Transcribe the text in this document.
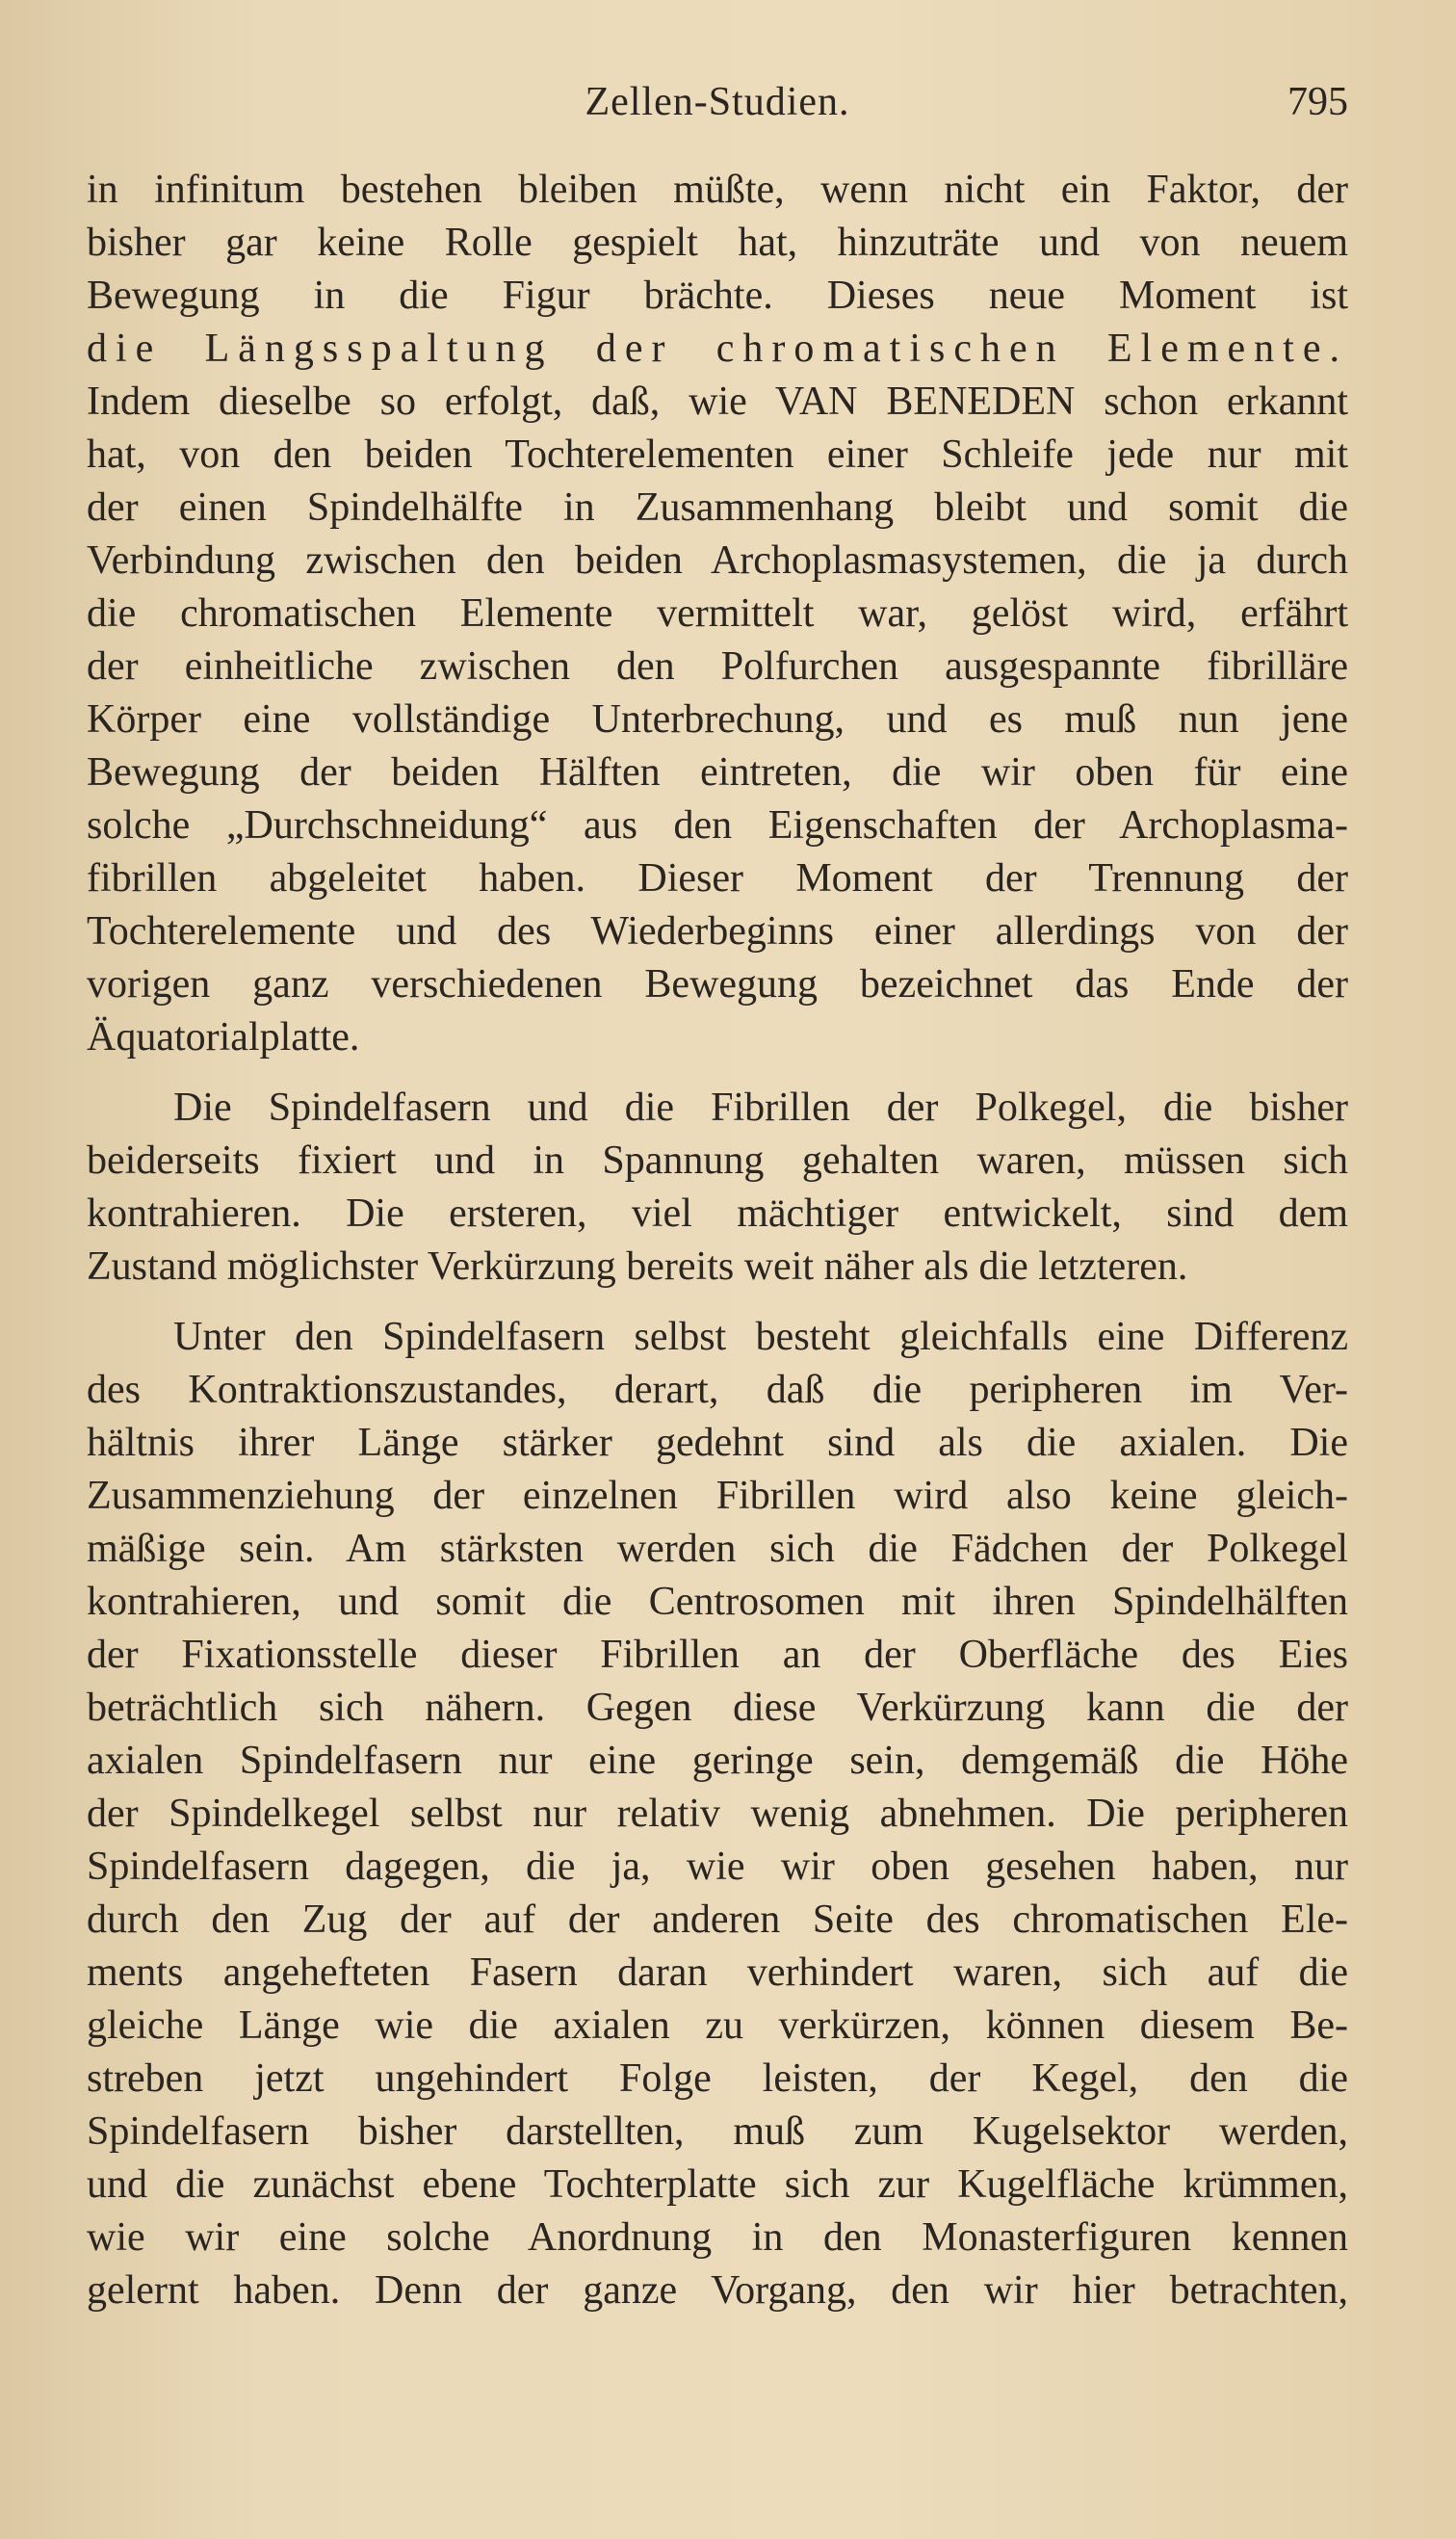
Zellen-Studien.	795
in infinitum bestehen bleiben müßte, wenn nicht ein Faktor, der
bisher gar keine Rolle gespielt hat, hinzuträte und von neuem
Bewegung in die Figur brächte. Dieses neue Moment ist
die Längsspaltung der chromatischen Elemente.
Indem dieselbe so erfolgt, daß, wie VAN BENEDEN schon erkannt
hat, von den beiden Tochterelementen einer Schleife jede nur mit
der einen Spindelhälfte in Zusammenhang bleibt und somit die
Verbindung zwischen den beiden Archoplasmasystemen, die ja durch
die chromatischen Elemente vermittelt war, gelöst wird, erfährt
der einheitliche zwischen den Polfurchen ausgespannte fibrilläre
Körper eine vollständige Unterbrechung, und es muß nun jene
Bewegung der beiden Hälften eintreten, die wir oben für eine
solche „Durchschneidung“ aus den Eigenschaften der Archoplasma-
fibrillen abgeleitet haben. Dieser Moment der Trennung der
Tochterelemente und des Wiederbeginns einer allerdings von der
vorigen ganz verschiedenen Bewegung bezeichnet das Ende der
Äquatorialplatte.
Die Spindelfasern und die Fibrillen der Polkegel, die bisher
beiderseits fixiert und in Spannung gehalten waren, müssen sich
kontrahieren. Die ersteren, viel mächtiger entwickelt, sind dem
Zustand möglichster Verkürzung bereits weit näher als die letzteren.
Unter den Spindelfasern selbst besteht gleichfalls eine Differenz
des Kontraktionszustandes, derart, daß die peripheren im Ver-
hältnis ihrer Länge stärker gedehnt sind als die axialen. Die
Zusammenziehung der einzelnen Fibrillen wird also keine gleich-
mäßige sein. Am stärksten werden sich die Fädchen der Polkegel
kontrahieren, und somit die Centrosomen mit ihren Spindelhälften
der Fixationsstelle dieser Fibrillen an der Oberfläche des Eies
beträchtlich sich nähern. Gegen diese Verkürzung kann die der
axialen Spindelfasern nur eine geringe sein, demgemäß die Höhe
der Spindelkegel selbst nur relativ wenig abnehmen. Die peripheren
Spindelfasern dagegen, die ja, wie wir oben gesehen haben, nur
durch den Zug der auf der anderen Seite des chromatischen Ele-
ments angehefteten Fasern daran verhindert waren, sich auf die
gleiche Länge wie die axialen zu verkürzen, können diesem Be-
streben jetzt ungehindert Folge leisten, der Kegel, den die
Spindelfasern bisher darstellten, muß zum Kugelsektor werden,
und die zunächst ebene Tochterplatte sich zur Kugelfläche krümmen,
wie wir eine solche Anordnung in den Monasterfiguren kennen
gelernt haben. Denn der ganze Vorgang, den wir hier betrachten,
